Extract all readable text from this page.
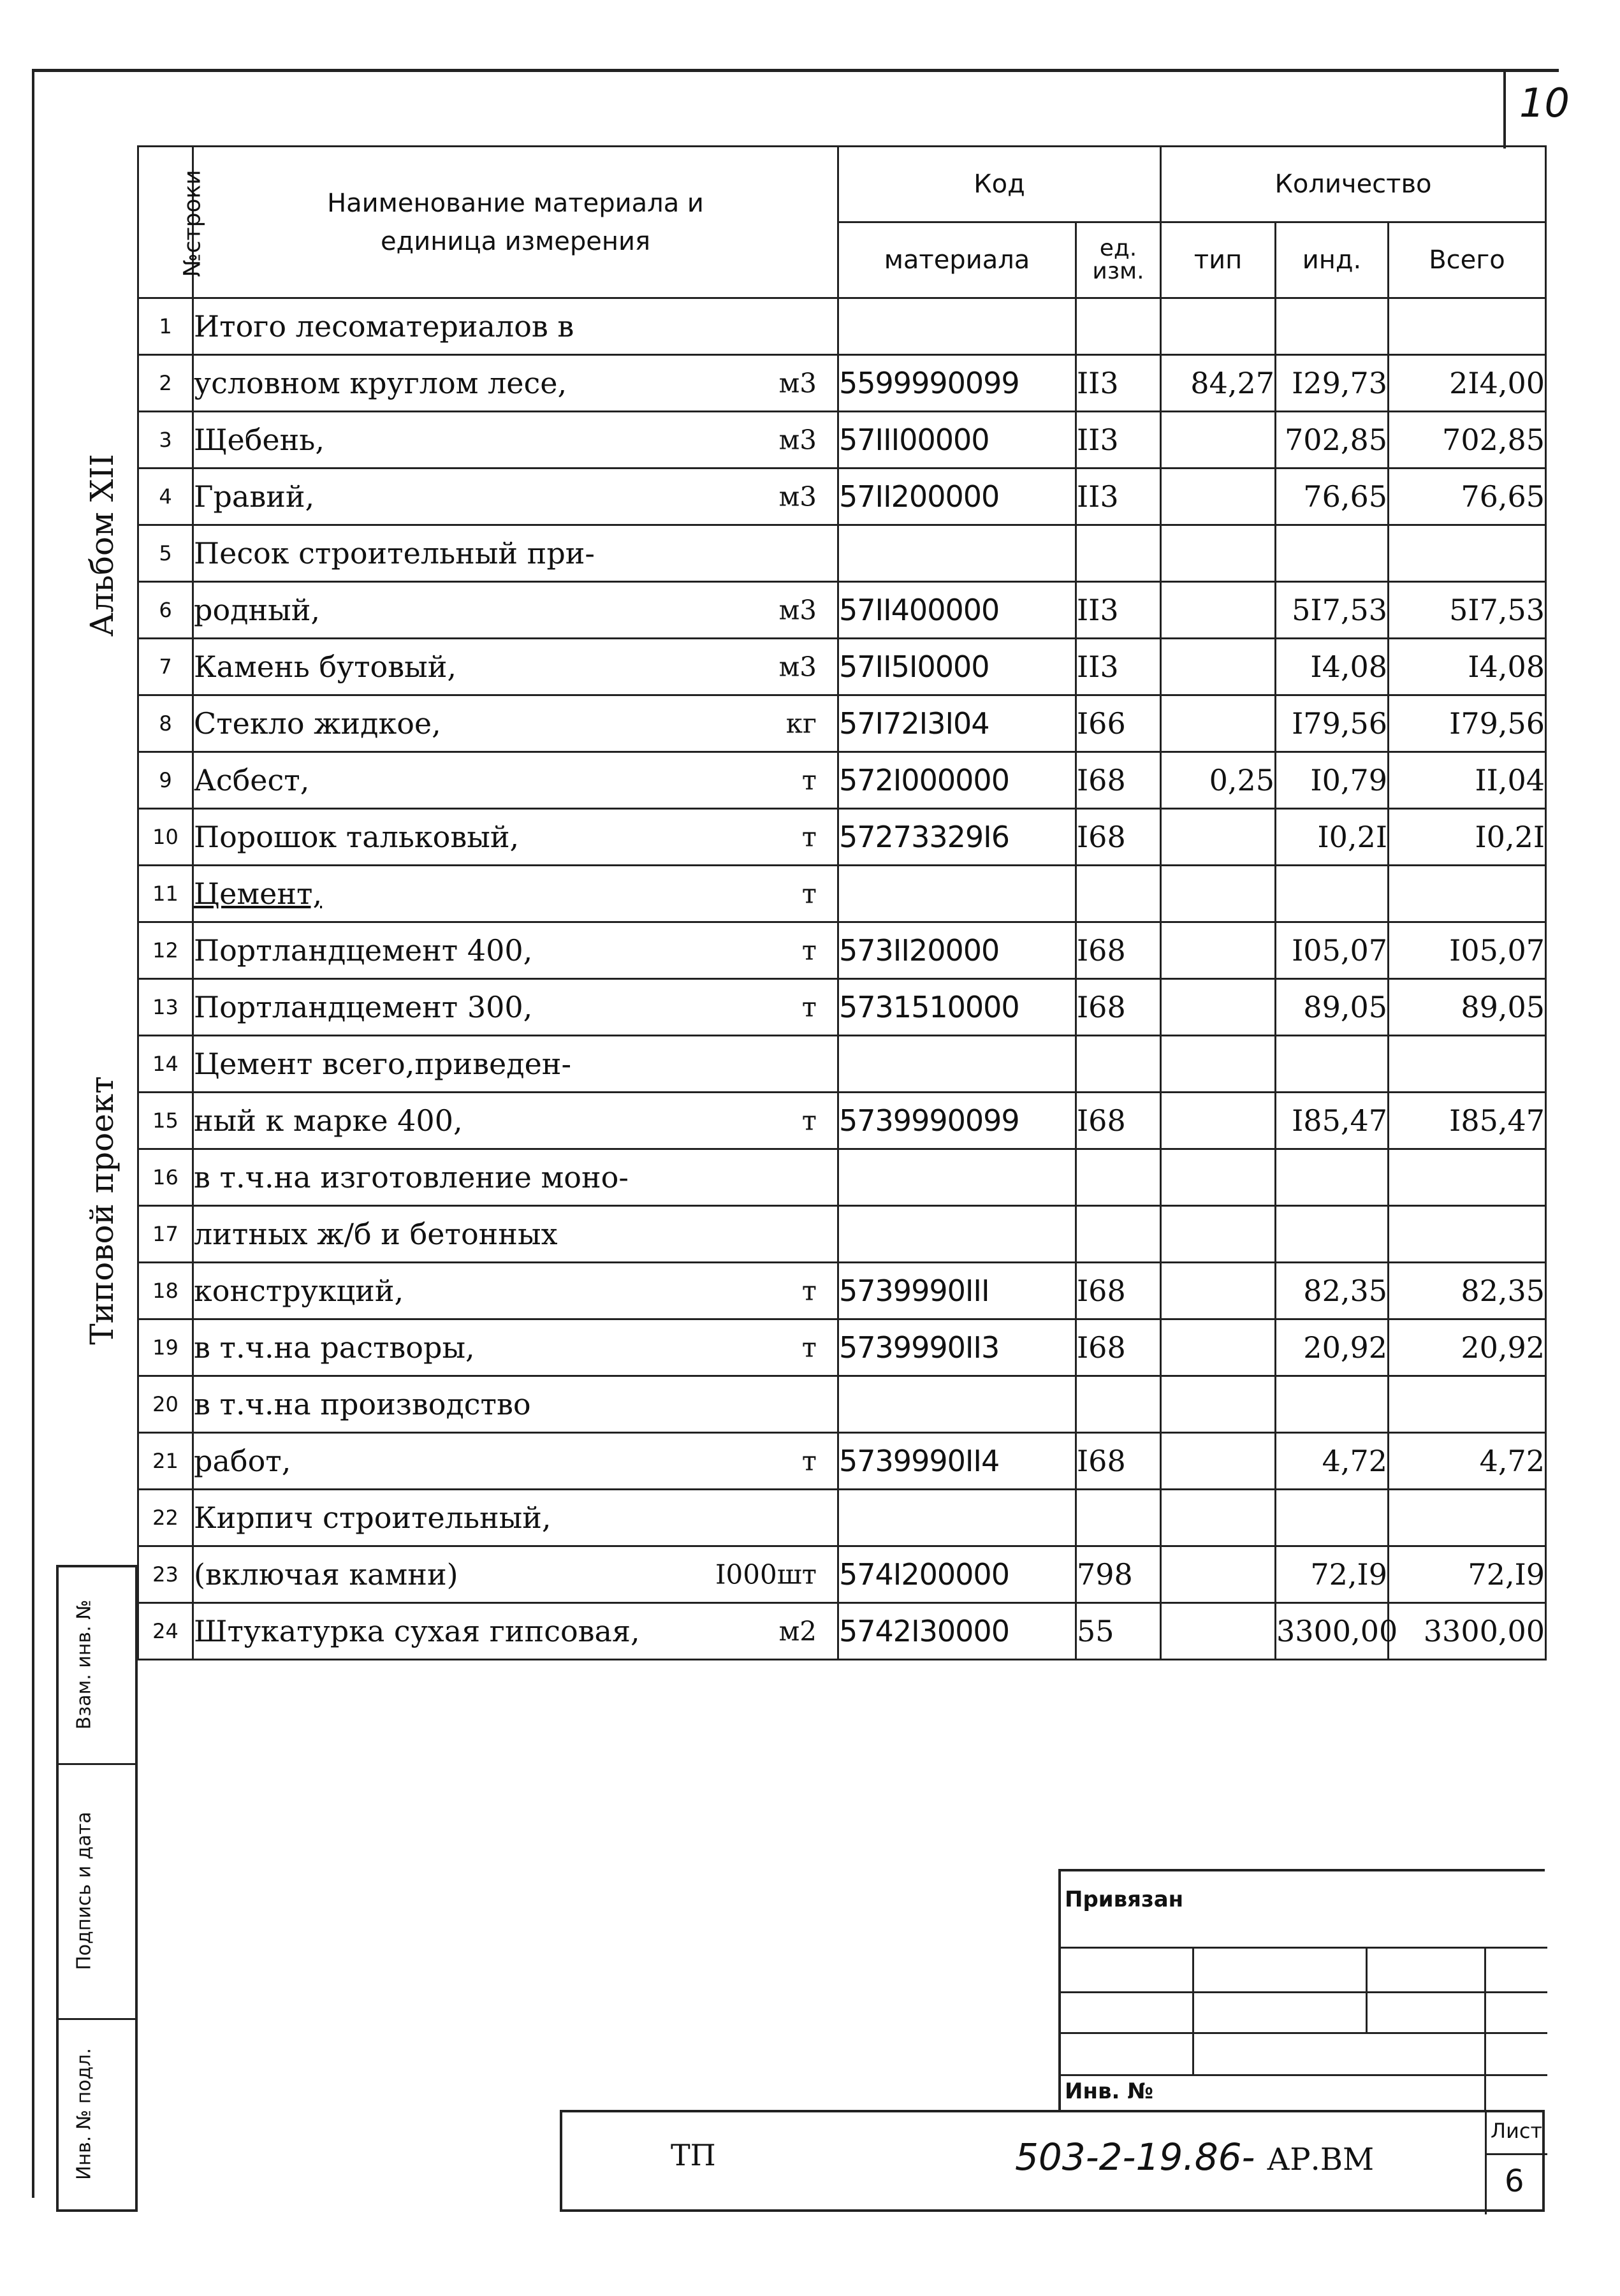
10
Альбом XII
Типовой проект
Взам. инв. №
Подпись и дата
Инв. № подл.
№строки	Наименование материала и единица измерения	Код		Количество		
		материала	ед. изм.	тип	инд.	Всего
1	Итого лесоматериалов в

2	условном круглом лесе, м3	5599990099	II3	84,27	I29,73	2I4,00
3	Щебень, м3	57III00000	II3		702,85	702,85
4	Гравий, м3	57II200000	II3		76,65	76,65
5	Песок строительный при-

6	родный, м3	57II400000	II3		5I7,53	5I7,53
7	Камень бутовый, м3	57II5I0000	II3		I4,08	I4,08
8	Стекло жидкое, кг	57I72I3I04	I66		I79,56	I79,56
9	Асбест, т	572I000000	I68	0,25	I0,79	II,04
10	Порошок тальковый, т	57273329I6	I68		I0,2I	I0,2I
11	Цемент, т					

12	Портландцемент 400, т	573II20000	I68		I05,07	I05,07
13	Портландцемент 300, т	5731510000	I68		89,05	89,05
14	Цемент всего,приведен-

15	ный к марке 400, т	5739990099	I68		I85,47	I85,47
16	в т.ч.на изготовление моно-

17	литных ж/б и бетонных

18	конструкций, т	5739990III	I68		82,35	82,35
19	в т.ч.на растворы, т	5739990II3	I68		20,92	20,92
20	в т.ч.на производство

21	работ, т	5739990II4	I68		4,72	4,72
22	Кирпич строительный,

23	(включая камни) I000шт	574I200000	798		72,I9	72,I9
24	Штукатурка сухая гипсовая, м2	5742I30000	55		3300,00	3300,00
Привязан
Инв. №
ТП	503-2-19.86- АР.ВМ
Лист
6
